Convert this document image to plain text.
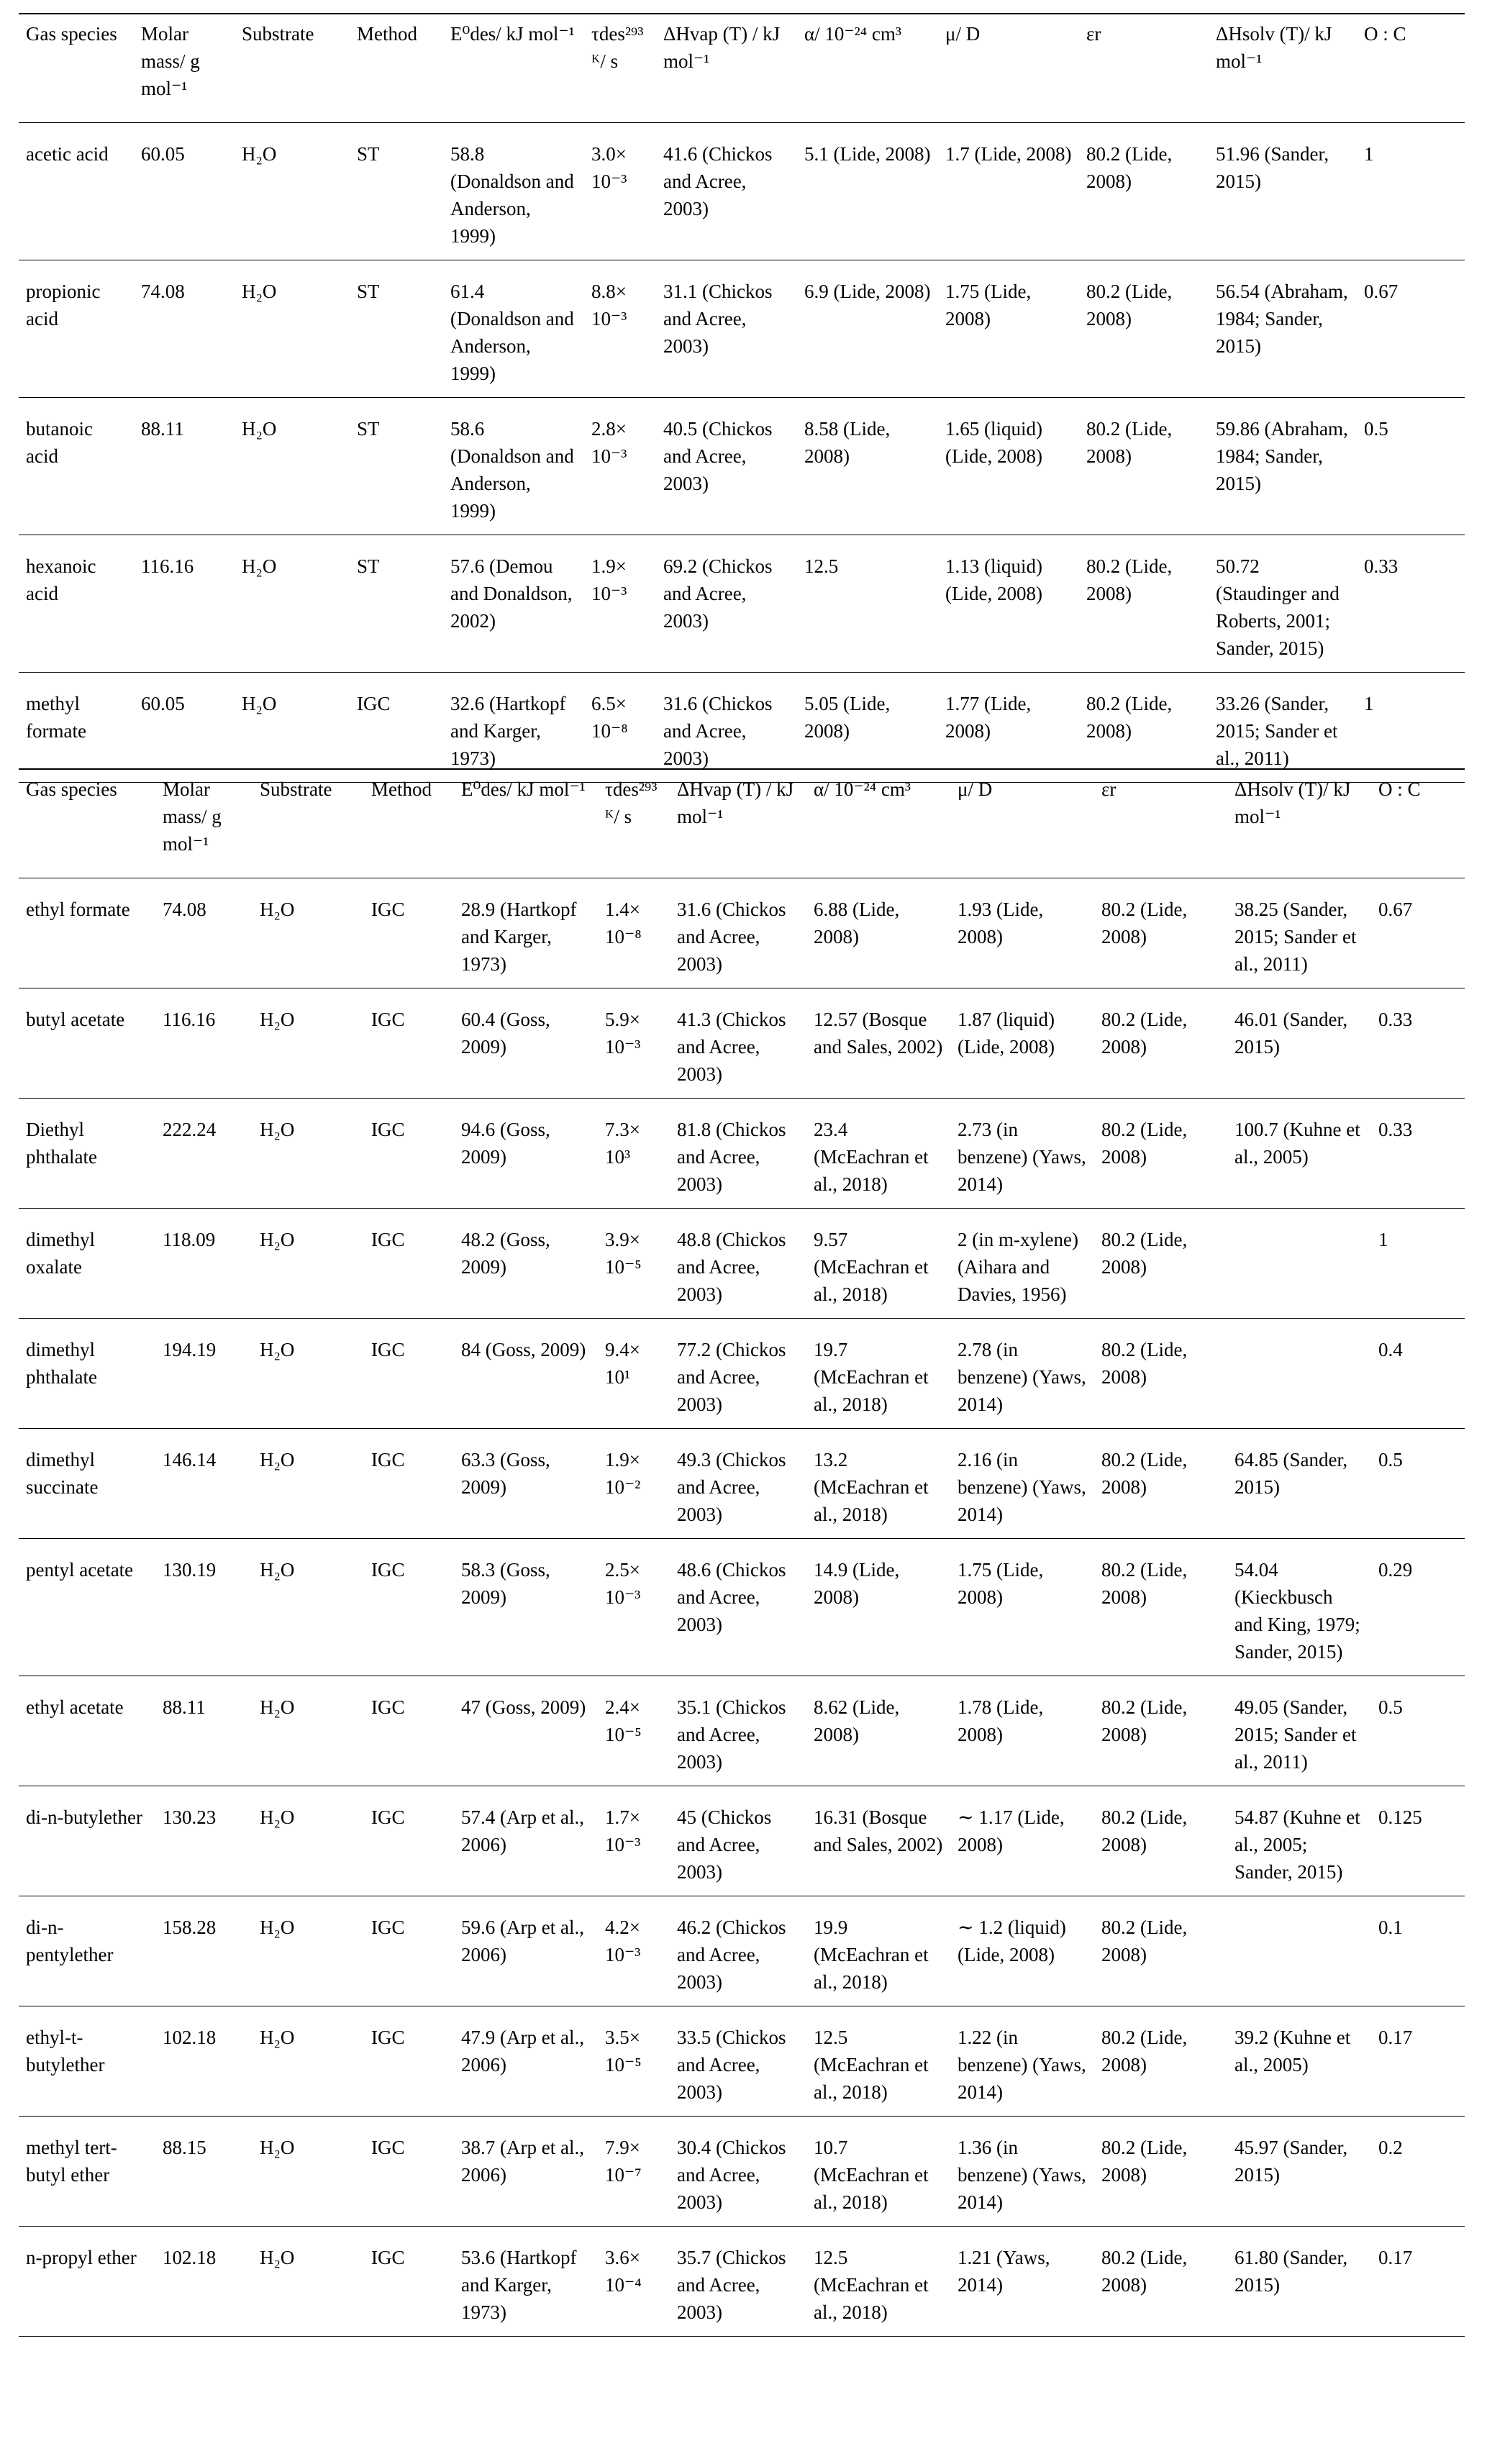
Gas species	Molar mass/ g mol⁻¹	Substrate	Method	E⁰des/ kJ mol⁻¹	τdes²⁹³ ᴷ/ s	ΔHvap (T) / kJ mol⁻¹	α/ 10⁻²⁴ cm³	μ/ D	εr	ΔHsolv (T)/ kJ mol⁻¹	O : C
acetic acid	60.05	H₂O	ST	58.8 (Donaldson and Anderson, 1999)	3.0× 10⁻³	41.6 (Chickos and Acree, 2003)	5.1 (Lide, 2008)	1.7 (Lide, 2008)	80.2 (Lide, 2008)	51.96 (Sander, 2015)	1
propionic acid	74.08	H₂O	ST	61.4 (Donaldson and Anderson, 1999)	8.8× 10⁻³	31.1 (Chickos and Acree, 2003)	6.9 (Lide, 2008)	1.75 (Lide, 2008)	80.2 (Lide, 2008)	56.54 (Abraham, 1984; Sander, 2015)	0.67
butanoic acid	88.11	H₂O	ST	58.6 (Donaldson and Anderson, 1999)	2.8× 10⁻³	40.5 (Chickos and Acree, 2003)	8.58 (Lide, 2008)	1.65 (liquid) (Lide, 2008)	80.2 (Lide, 2008)	59.86 (Abraham, 1984; Sander, 2015)	0.5
hexanoic acid	116.16	H₂O	ST	57.6 (Demou and Donaldson, 2002)	1.9× 10⁻³	69.2 (Chickos and Acree, 2003)	12.5	1.13 (liquid) (Lide, 2008)	80.2 (Lide, 2008)	50.72 (Staudinger and Roberts, 2001; Sander, 2015)	0.33
methyl formate	60.05	H₂O	IGC	32.6 (Hartkopf and Karger, 1973)	6.5× 10⁻⁸	31.6 (Chickos and Acree, 2003)	5.05 (Lide, 2008)	1.77 (Lide, 2008)	80.2 (Lide, 2008)	33.26 (Sander, 2015; Sander et al., 2011)	1
Gas species	Molar mass/ g mol⁻¹	Substrate	Method	E⁰des/ kJ mol⁻¹	τdes²⁹³ ᴷ/ s	ΔHvap (T) / kJ mol⁻¹	α/ 10⁻²⁴ cm³	μ/ D	εr	ΔHsolv (T)/ kJ mol⁻¹	O : C
ethyl formate	74.08	H₂O	IGC	28.9 (Hartkopf and Karger, 1973)	1.4× 10⁻⁸	31.6 (Chickos and Acree, 2003)	6.88 (Lide, 2008)	1.93 (Lide, 2008)	80.2 (Lide, 2008)	38.25 (Sander, 2015; Sander et al., 2011)	0.67
butyl acetate	116.16	H₂O	IGC	60.4 (Goss, 2009)	5.9× 10⁻³	41.3 (Chickos and Acree, 2003)	12.57 (Bosque and Sales, 2002)	1.87 (liquid) (Lide, 2008)	80.2 (Lide, 2008)	46.01 (Sander, 2015)	0.33
Diethyl phthalate	222.24	H₂O	IGC	94.6 (Goss, 2009)	7.3× 10³	81.8 (Chickos and Acree, 2003)	23.4 (McEachran et al., 2018)	2.73 (in benzene) (Yaws, 2014)	80.2 (Lide, 2008)	100.7 (Kuhne et al., 2005)	0.33
dimethyl oxalate	118.09	H₂O	IGC	48.2 (Goss, 2009)	3.9× 10⁻⁵	48.8 (Chickos and Acree, 2003)	9.57 (McEachran et al., 2018)	2 (in m-xylene) (Aihara and Davies, 1956)	80.2 (Lide, 2008)		1
dimethyl phthalate	194.19	H₂O	IGC	84 (Goss, 2009)	9.4× 10¹	77.2 (Chickos and Acree, 2003)	19.7 (McEachran et al., 2018)	2.78 (in benzene) (Yaws, 2014)	80.2 (Lide, 2008)		0.4
dimethyl succinate	146.14	H₂O	IGC	63.3 (Goss, 2009)	1.9× 10⁻²	49.3 (Chickos and Acree, 2003)	13.2 (McEachran et al., 2018)	2.16 (in benzene) (Yaws, 2014)	80.2 (Lide, 2008)	64.85 (Sander, 2015)	0.5
pentyl acetate	130.19	H₂O	IGC	58.3 (Goss, 2009)	2.5× 10⁻³	48.6 (Chickos and Acree, 2003)	14.9 (Lide, 2008)	1.75 (Lide, 2008)	80.2 (Lide, 2008)	54.04 (Kieckbusch and King, 1979; Sander, 2015)	0.29
ethyl acetate	88.11	H₂O	IGC	47 (Goss, 2009)	2.4× 10⁻⁵	35.1 (Chickos and Acree, 2003)	8.62 (Lide, 2008)	1.78 (Lide, 2008)	80.2 (Lide, 2008)	49.05 (Sander, 2015; Sander et al., 2011)	0.5
di-n-butylether	130.23	H₂O	IGC	57.4 (Arp et al., 2006)	1.7× 10⁻³	45 (Chickos and Acree, 2003)	16.31 (Bosque and Sales, 2002)	∼ 1.17 (Lide, 2008)	80.2 (Lide, 2008)	54.87 (Kuhne et al., 2005; Sander, 2015)	0.125
di-n-pentylether	158.28	H₂O	IGC	59.6 (Arp et al., 2006)	4.2× 10⁻³	46.2 (Chickos and Acree, 2003)	19.9 (McEachran et al., 2018)	∼ 1.2 (liquid) (Lide, 2008)	80.2 (Lide, 2008)		0.1
ethyl-t-butylether	102.18	H₂O	IGC	47.9 (Arp et al., 2006)	3.5× 10⁻⁵	33.5 (Chickos and Acree, 2003)	12.5 (McEachran et al., 2018)	1.22 (in benzene) (Yaws, 2014)	80.2 (Lide, 2008)	39.2 (Kuhne et al., 2005)	0.17
methyl tert-butyl ether	88.15	H₂O	IGC	38.7 (Arp et al., 2006)	7.9× 10⁻⁷	30.4 (Chickos and Acree, 2003)	10.7 (McEachran et al., 2018)	1.36 (in benzene) (Yaws, 2014)	80.2 (Lide, 2008)	45.97 (Sander, 2015)	0.2
n-propyl ether	102.18	H₂O	IGC	53.6 (Hartkopf and Karger, 1973)	3.6× 10⁻⁴	35.7 (Chickos and Acree, 2003)	12.5 (McEachran et al., 2018)	1.21 (Yaws, 2014)	80.2 (Lide, 2008)	61.80 (Sander, 2015)	0.17
